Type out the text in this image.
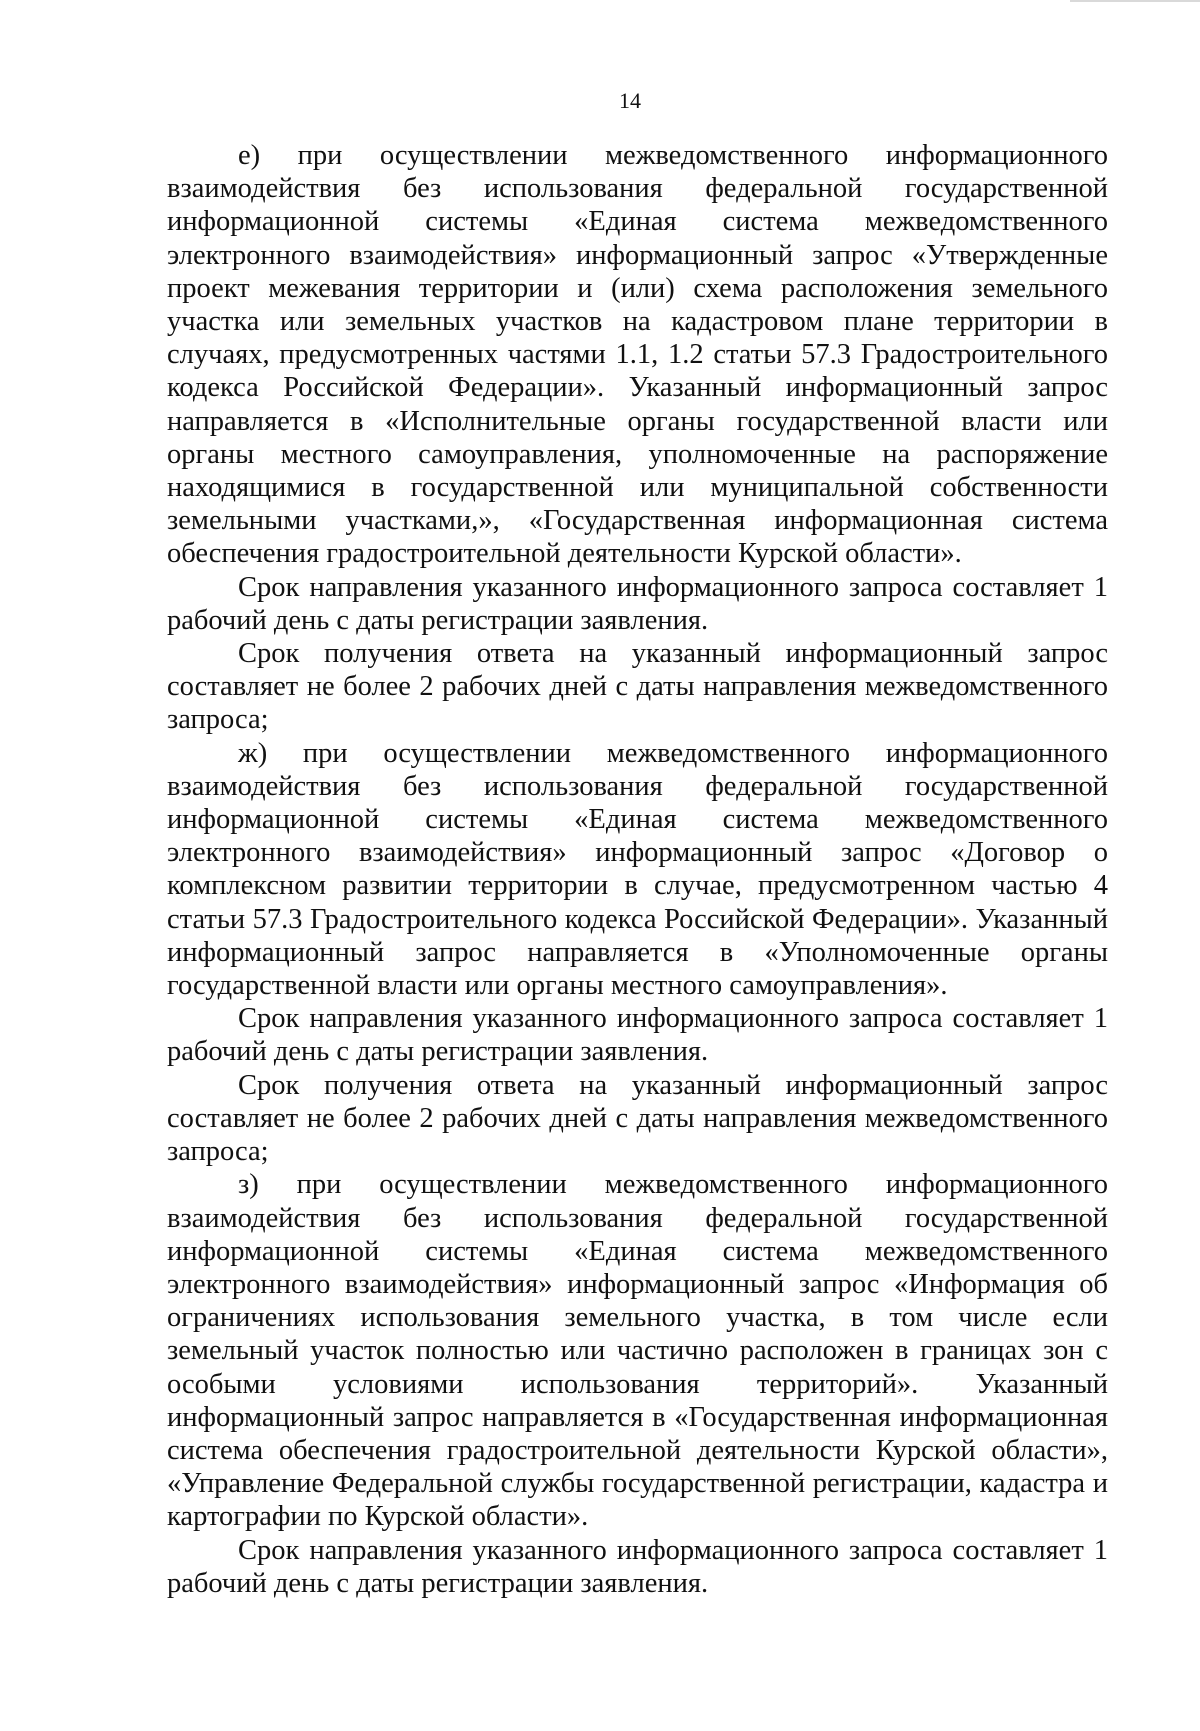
14

е) при осуществлении межведомственного информационного взаимодействия без использования федеральной государственной информационной системы «Единая система межведомственного электронного взаимодействия» информационный запрос «Утвержденные проект межевания территории и (или) схема расположения земельного участка или земельных участков на кадастровом плане территории в случаях, предусмотренных частями 1.1, 1.2 статьи 57.3 Градостроительного кодекса Российской Федерации». Указанный информационный запрос направляется в «Исполнительные органы государственной власти или органы местного самоуправления, уполномоченные на распоряжение находящимися в государственной или муниципальной собственности земельными участками,», «Государственная информационная система обеспечения градостроительной деятельности Курской области».

Срок направления указанного информационного запроса составляет 1 рабочий день с даты регистрации заявления.

Срок получения ответа на указанный информационный запрос составляет не более 2 рабочих дней с даты направления межведомственного запроса;

ж) при осуществлении межведомственного информационного взаимодействия без использования федеральной государственной информационной системы «Единая система межведомственного электронного взаимодействия» информационный запрос «Договор о комплексном развитии территории в случае, предусмотренном частью 4 статьи 57.3 Градостроительного кодекса Российской Федерации». Указанный информационный запрос направляется в «Уполномоченные органы государственной власти или органы местного самоуправления».

Срок направления указанного информационного запроса составляет 1 рабочий день с даты регистрации заявления.

Срок получения ответа на указанный информационный запрос составляет не более 2 рабочих дней с даты направления межведомственного запроса;

з) при осуществлении межведомственного информационного взаимодействия без использования федеральной государственной информационной системы «Единая система межведомственного электронного взаимодействия» информационный запрос «Информация об ограничениях использования земельного участка, в том числе если земельный участок полностью или частично расположен в границах зон с особыми условиями использования территорий». Указанный информационный запрос направляется в «Государственная информационная система обеспечения градостроительной деятельности Курской области», «Управление Федеральной службы государственной регистрации, кадастра и картографии по Курской области».

Срок направления указанного информационного запроса составляет 1 рабочий день с даты регистрации заявления.
